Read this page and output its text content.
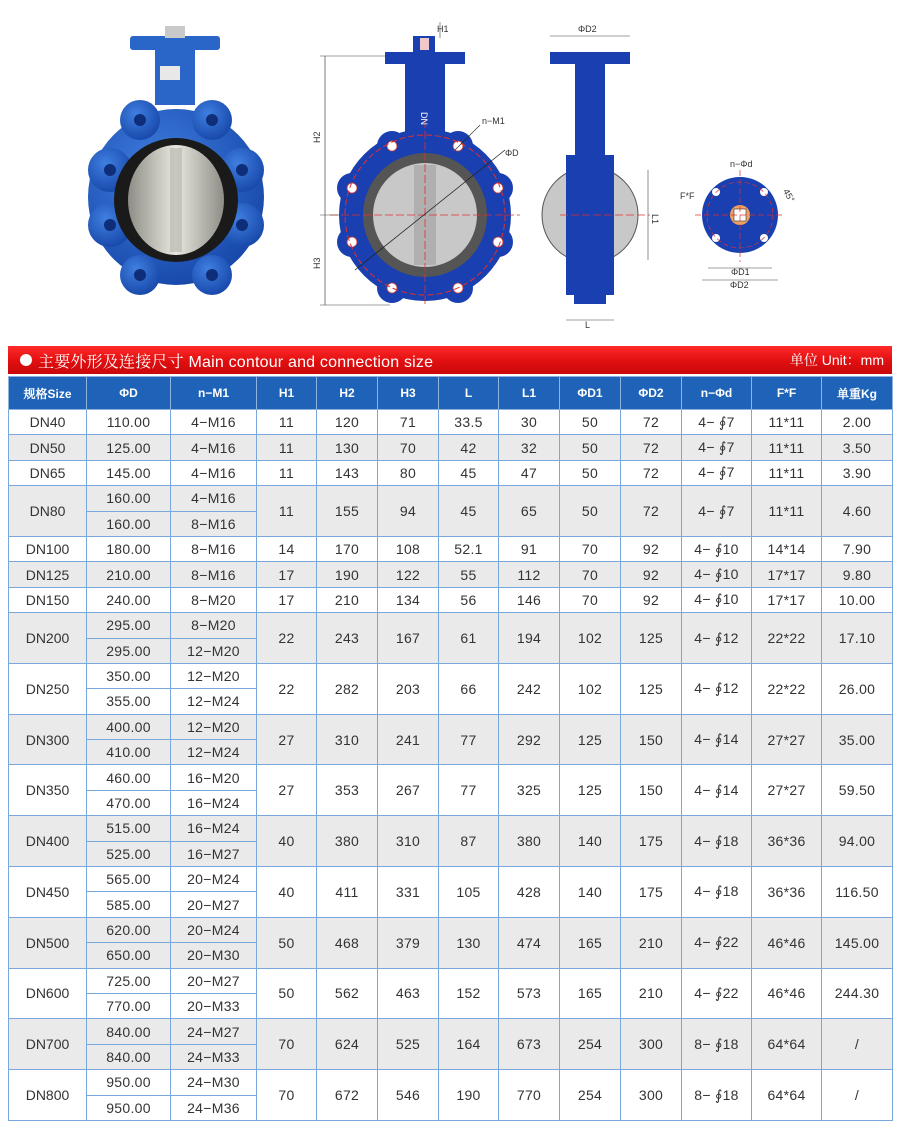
H1
H2
H3
n−M1
ΦD
DN
ΦD2
L1
L
n−Φd
F*F	45°
ΦD1
ΦD2
主要外形及连接尺寸 Main contour and connection size	单位 Unit：mm
规格Size	ΦD	n−M1	H1	H2	H3	L	L1	ΦD1	ΦD2	n−Φd	F*F	单重Kg
DN40	110.00	4−M16	11	120	71	33.5	30	50	72	4− ∮7	11*11	2.00
DN50	125.00	4−M16	11	130	70	42	32	50	72	4− ∮7	11*11	3.50
DN65	145.00	4−M16	11	143	80	45	47	50	72	4− ∮7	11*11	3.90
DN80	160.00	4−M16	11	155	94	45	65	50	72	4− ∮7	11*11	4.60
	160.00	8−M16										
DN100	180.00	8−M16	14	170	108	52.1	91	70	92	4− ∮10	14*14	7.90
DN125	210.00	8−M16	17	190	122	55	112	70	92	4− ∮10	17*17	9.80
DN150	240.00	8−M20	17	210	134	56	146	70	92	4− ∮10	17*17	10.00
DN200	295.00	8−M20	22	243	167	61	194	102	125	4− ∮12	22*22	17.10
	295.00	12−M20										
DN250	350.00	12−M20	22	282	203	66	242	102	125	4− ∮12	22*22	26.00
	355.00	12−M24										
DN300	400.00	12−M20	27	310	241	77	292	125	150	4− ∮14	27*27	35.00
	410.00	12−M24										
DN350	460.00	16−M20	27	353	267	77	325	125	150	4− ∮14	27*27	59.50
	470.00	16−M24										
DN400	515.00	16−M24	40	380	310	87	380	140	175	4− ∮18	36*36	94.00
	525.00	16−M27										
DN450	565.00	20−M24	40	411	331	105	428	140	175	4− ∮18	36*36	116.50
	585.00	20−M27										
DN500	620.00	20−M24	50	468	379	130	474	165	210	4− ∮22	46*46	145.00
	650.00	20−M30										
DN600	725.00	20−M27	50	562	463	152	573	165	210	4− ∮22	46*46	244.30
	770.00	20−M33										
DN700	840.00	24−M27	70	624	525	164	673	254	300	8− ∮18	64*64	/
	840.00	24−M33										
DN800	950.00	24−M30	70	672	546	190	770	254	300	8− ∮18	64*64	/
	950.00	24−M36										
